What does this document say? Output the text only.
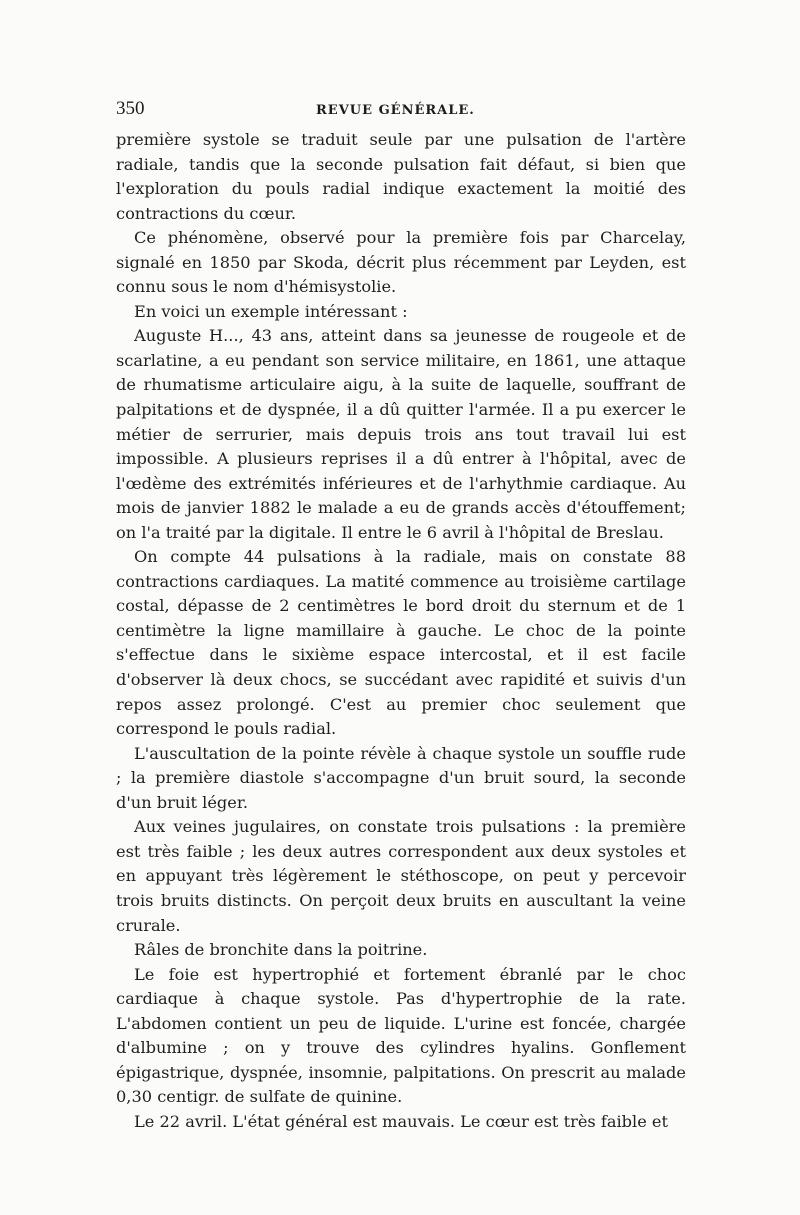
350	REVUE GÉNÉRALE.

première systole se traduit seule par une pulsation de l'artère radiale, tandis que la seconde pulsation fait défaut, si bien que l'exploration du pouls radial indique exactement la moitié des contractions du cœur.

Ce phénomène, observé pour la première fois par Charcelay, signalé en 1850 par Skoda, décrit plus récemment par Leyden, est connu sous le nom d'hémisystolie.

En voici un exemple intéressant :

Auguste H..., 43 ans, atteint dans sa jeunesse de rougeole et de scarlatine, a eu pendant son service militaire, en 1861, une attaque de rhumatisme articulaire aigu, à la suite de laquelle, souffrant de palpitations et de dyspnée, il a dû quitter l'armée. Il a pu exercer le métier de serrurier, mais depuis trois ans tout travail lui est impossible. A plusieurs reprises il a dû entrer à l'hôpital, avec de l'œdème des extrémités inférieures et de l'arhythmie cardiaque. Au mois de janvier 1882 le malade a eu de grands accès d'étouffement; on l'a traité par la digitale. Il entre le 6 avril à l'hôpital de Breslau.

On compte 44 pulsations à la radiale, mais on constate 88 contractions cardiaques. La matité commence au troisième cartilage costal, dépasse de 2 centimètres le bord droit du sternum et de 1 centimètre la ligne mamillaire à gauche. Le choc de la pointe s'effectue dans le sixième espace intercostal, et il est facile d'observer là deux chocs, se succédant avec rapidité et suivis d'un repos assez prolongé. C'est au premier choc seulement que correspond le pouls radial.

L'auscultation de la pointe révèle à chaque systole un souffle rude ; la première diastole s'accompagne d'un bruit sourd, la seconde d'un bruit léger.

Aux veines jugulaires, on constate trois pulsations : la première est très faible ; les deux autres correspondent aux deux systoles et en appuyant très légèrement le stéthoscope, on peut y percevoir trois bruits distincts. On perçoit deux bruits en auscultant la veine crurale.

Râles de bronchite dans la poitrine.

Le foie est hypertrophié et fortement ébranlé par le choc cardiaque à chaque systole. Pas d'hypertrophie de la rate. L'abdomen contient un peu de liquide. L'urine est foncée, chargée d'albumine ; on y trouve des cylindres hyalins. Gonflement épigastrique, dyspnée, insomnie, palpitations. On prescrit au malade 0,30 centigr. de sulfate de quinine.

Le 22 avril. L'état général est mauvais. Le cœur est très faible et
